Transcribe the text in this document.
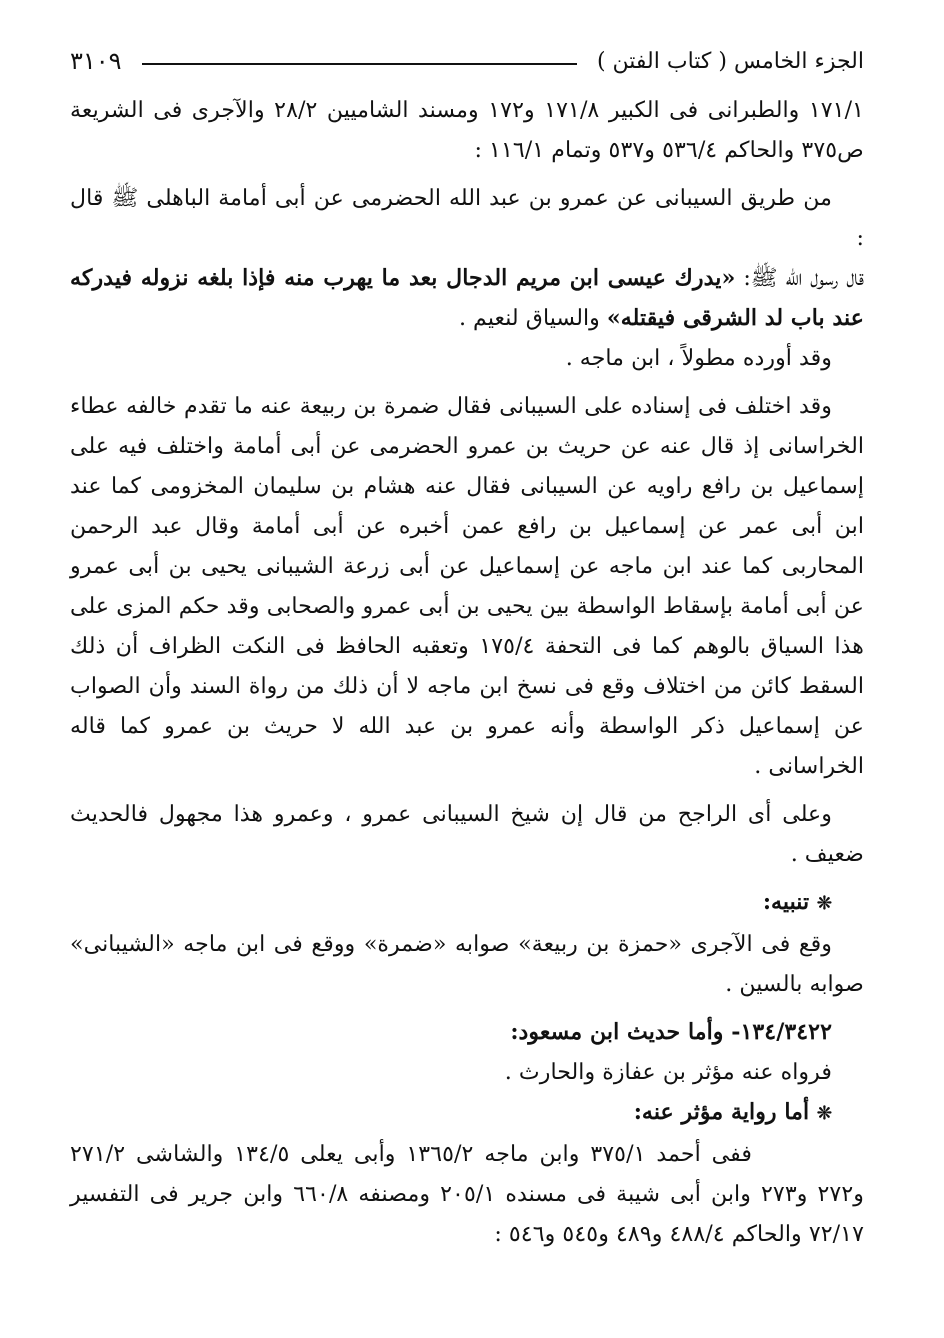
الجزء الخامس ( كتاب الفتن )
٣١٠٩

١٧١/١ والطبرانى فى الكبير ١٧١/٨ و١٧٢ ومسند الشاميين ٢٨/٢ والآجرى فى الشريعة ص٣٧٥ والحاكم ٥٣٦/٤ و٥٣٧ وتمام ١١٦/١ :

من طريق السيبانى عن عمرو بن عبد الله الحضرمى عن أبى أمامة الباهلى ﷺ قال :

قال رسول الله ﷺ: «يدرك عيسى ابن مريم الدجال بعد ما يهرب منه فإذا بلغه نزوله فيدركه عند باب لد الشرقى فيقتله» والسياق لنعيم .

وقد أورده مطولاً ، ابن ماجه .

وقد اختلف فى إسناده على السيبانى فقال ضمرة بن ربيعة عنه ما تقدم خالفه عطاء الخراسانى إذ قال عنه عن حريث بن عمرو الحضرمى عن أبى أمامة واختلف فيه على إسماعيل بن رافع راويه عن السيبانى فقال عنه هشام بن سليمان المخزومى كما عند ابن أبى عمر عن إسماعيل بن رافع عمن أخبره عن أبى أمامة وقال عبد الرحمن المحاربى كما عند ابن ماجه عن إسماعيل عن أبى زرعة الشيبانى يحيى بن أبى عمرو عن أبى أمامة بإسقاط الواسطة بين يحيى بن أبى عمرو والصحابى وقد حكم المزى على هذا السياق بالوهم كما فى التحفة ١٧٥/٤ وتعقبه الحافظ فى النكت الظراف أن ذلك السقط كائن من اختلاف وقع فى نسخ ابن ماجه لا أن ذلك من رواة السند وأن الصواب عن إسماعيل ذكر الواسطة وأنه عمرو بن عبد الله لا حريث بن عمرو كما قاله الخراسانى .

وعلى أى الراجح من قال إن شيخ السيبانى عمرو ، وعمرو هذا مجهول فالحديث ضعيف .

❊ تنبيه:

وقع فى الآجرى «حمزة بن ربيعة» صوابه «ضمرة» ووقع فى ابن ماجه «الشيبانى» صوابه بالسين .

١٣٤/٣٤٢٢- وأما حديث ابن مسعود:

فرواه عنه مؤثر بن عفازة والحارث .

❊ أما رواية مؤثر عنه:

ففى أحمد ٣٧٥/١ وابن ماجه ١٣٦٥/٢ وأبى يعلى ١٣٤/٥ والشاشى ٢٧١/٢ و٢٧٢ و٢٧٣ وابن أبى شيبة فى مسنده ٢٠٥/١ ومصنفه ٦٦٠/٨ وابن جرير فى التفسير ٧٢/١٧ والحاكم ٤٨٨/٤ و٤٨٩ و٥٤٥ و٥٤٦ :
